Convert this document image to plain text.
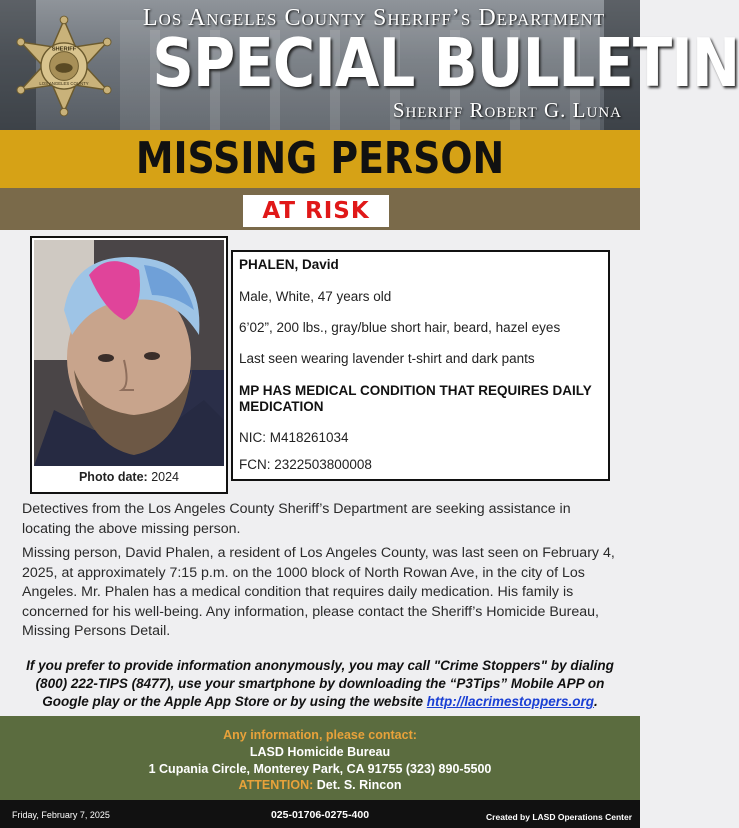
SHERIFF
LOS ANGELES COUNTY
Los Angeles County Sheriff’s Department
SPECIAL BULLETIN
Sheriff Robert G. Luna
MISSING PERSON
AT RISK
Photo date: 2024
PHALEN, David
Male, White, 47 years old
6’02”, 200 lbs., gray/blue short hair, beard, hazel eyes
Last seen wearing lavender t-shirt and dark pants
MP HAS MEDICAL CONDITION THAT REQUIRES DAILY MEDICATION
NIC: M418261034
FCN: 2322503800008
Detectives from the Los Angeles County Sheriff’s Department are seeking assistance in locating the above missing person.
Missing person, David Phalen, a resident of Los Angeles County, was last seen on February 4, 2025, at approximately 7:15 p.m. on the 1000 block of North Rowan Ave, in the city of Los Angeles. Mr. Phalen has a medical condition that requires daily medication. His family is concerned for his well-being. Any information, please contact the Sheriff’s Homicide Bureau, Missing Persons Detail.
If you prefer to provide information anonymously, you may call "Crime Stoppers" by dialing (800) 222-TIPS (8477), use your smartphone by downloading the “P3Tips” Mobile APP on Google play or the Apple App Store or by using the website http://lacrimestoppers.org.
Any information, please contact:
LASD Homicide Bureau
1 Cupania Circle, Monterey Park, CA 91755 (323) 890-5500
ATTENTION: Det. S. Rincon
Friday, February 7, 2025	025-01706-0275-400	Created by LASD Operations Center
